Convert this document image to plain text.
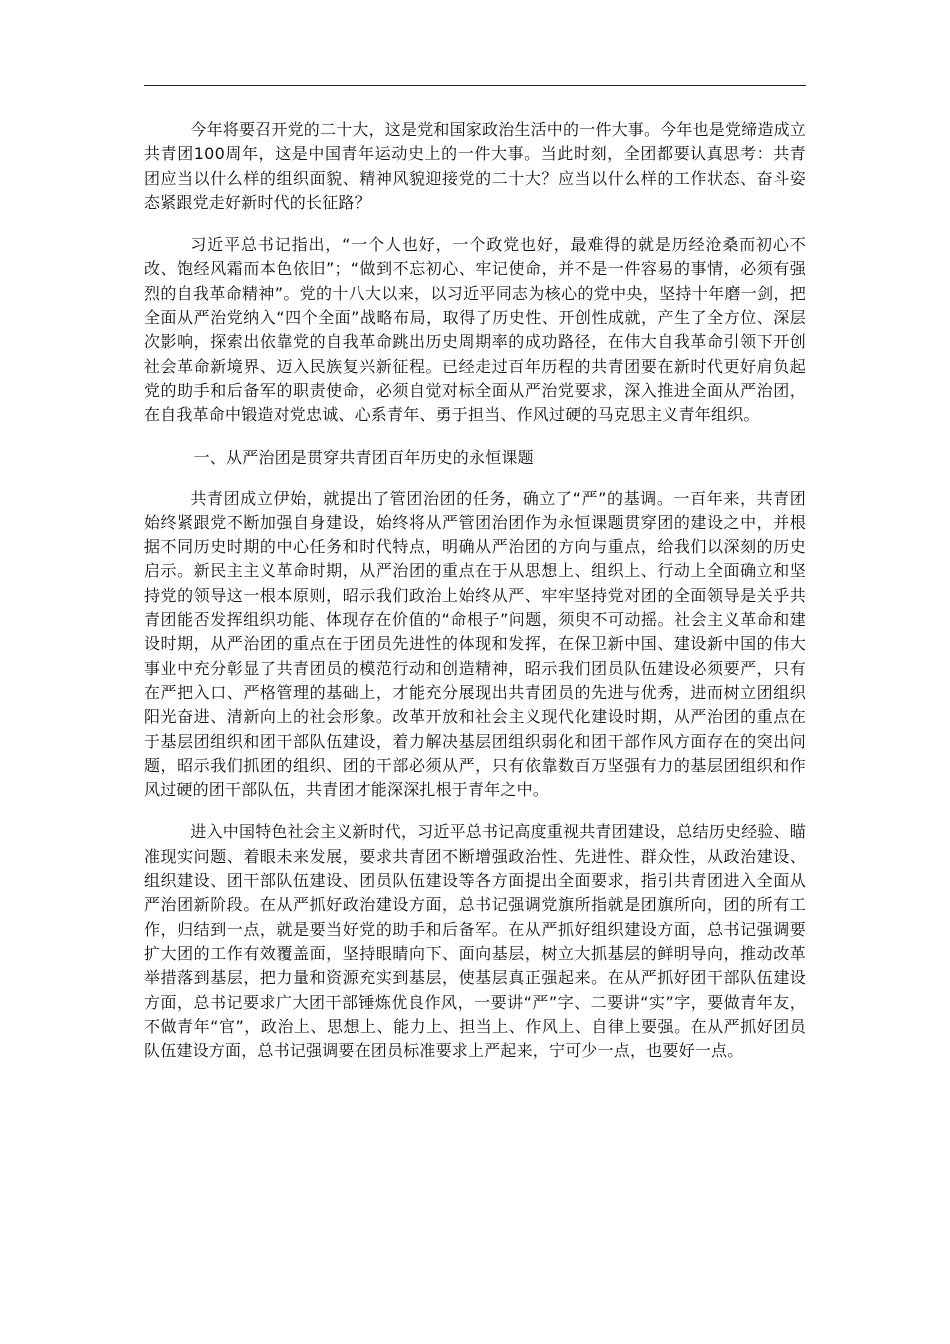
今年将要召开党的二十大，这是党和国家政治生活中的一件大事。今年也是党缔造成立共青团100周年，这是中国青年运动史上的一件大事。当此时刻，全团都要认真思考：共青团应当以什么样的组织面貌、精神风貌迎接党的二十大？应当以什么样的工作状态、奋斗姿态紧跟党走好新时代的长征路？

习近平总书记指出，“一个人也好，一个政党也好，最难得的就是历经沧桑而初心不改、饱经风霜而本色依旧”；“做到不忘初心、牢记使命，并不是一件容易的事情，必须有强烈的自我革命精神”。党的十八大以来，以习近平同志为核心的党中央，坚持十年磨一剑，把全面从严治党纳入“四个全面”战略布局，取得了历史性、开创性成就，产生了全方位、深层次影响，探索出依靠党的自我革命跳出历史周期率的成功路径，在伟大自我革命引领下开创社会革命新境界、迈入民族复兴新征程。已经走过百年历程的共青团要在新时代更好肩负起党的助手和后备军的职责使命，必须自觉对标全面从严治党要求，深入推进全面从严治团，在自我革命中锻造对党忠诚、心系青年、勇于担当、作风过硬的马克思主义青年组织。

一、从严治团是贯穿共青团百年历史的永恒课题

共青团成立伊始，就提出了管团治团的任务，确立了“严”的基调。一百年来，共青团始终紧跟党不断加强自身建设，始终将从严管团治团作为永恒课题贯穿团的建设之中，并根据不同历史时期的中心任务和时代特点，明确从严治团的方向与重点，给我们以深刻的历史启示。新民主主义革命时期，从严治团的重点在于从思想上、组织上、行动上全面确立和坚持党的领导这一根本原则，昭示我们政治上始终从严、牢牢坚持党对团的全面领导是关乎共青团能否发挥组织功能、体现存在价值的“命根子”问题，须臾不可动摇。社会主义革命和建设时期，从严治团的重点在于团员先进性的体现和发挥，在保卫新中国、建设新中国的伟大事业中充分彰显了共青团员的模范行动和创造精神，昭示我们团员队伍建设必须要严，只有在严把入口、严格管理的基础上，才能充分展现出共青团员的先进与优秀，进而树立团组织阳光奋进、清新向上的社会形象。改革开放和社会主义现代化建设时期，从严治团的重点在于基层团组织和团干部队伍建设，着力解决基层团组织弱化和团干部作风方面存在的突出问题，昭示我们抓团的组织、团的干部必须从严，只有依靠数百万坚强有力的基层团组织和作风过硬的团干部队伍，共青团才能深深扎根于青年之中。

进入中国特色社会主义新时代，习近平总书记高度重视共青团建设，总结历史经验、瞄准现实问题、着眼未来发展，要求共青团不断增强政治性、先进性、群众性，从政治建设、组织建设、团干部队伍建设、团员队伍建设等各方面提出全面要求，指引共青团进入全面从严治团新阶段。在从严抓好政治建设方面，总书记强调党旗所指就是团旗所向，团的所有工作，归结到一点，就是要当好党的助手和后备军。在从严抓好组织建设方面，总书记强调要扩大团的工作有效覆盖面，坚持眼睛向下、面向基层，树立大抓基层的鲜明导向，推动改革举措落到基层，把力量和资源充实到基层，使基层真正强起来。在从严抓好团干部队伍建设方面，总书记要求广大团干部锤炼优良作风，一要讲“严”字、二要讲“实”字，要做青年友，不做青年“官”，政治上、思想上、能力上、担当上、作风上、自律上要强。在从严抓好团员队伍建设方面，总书记强调要在团员标准要求上严起来，宁可少一点，也要好一点。
